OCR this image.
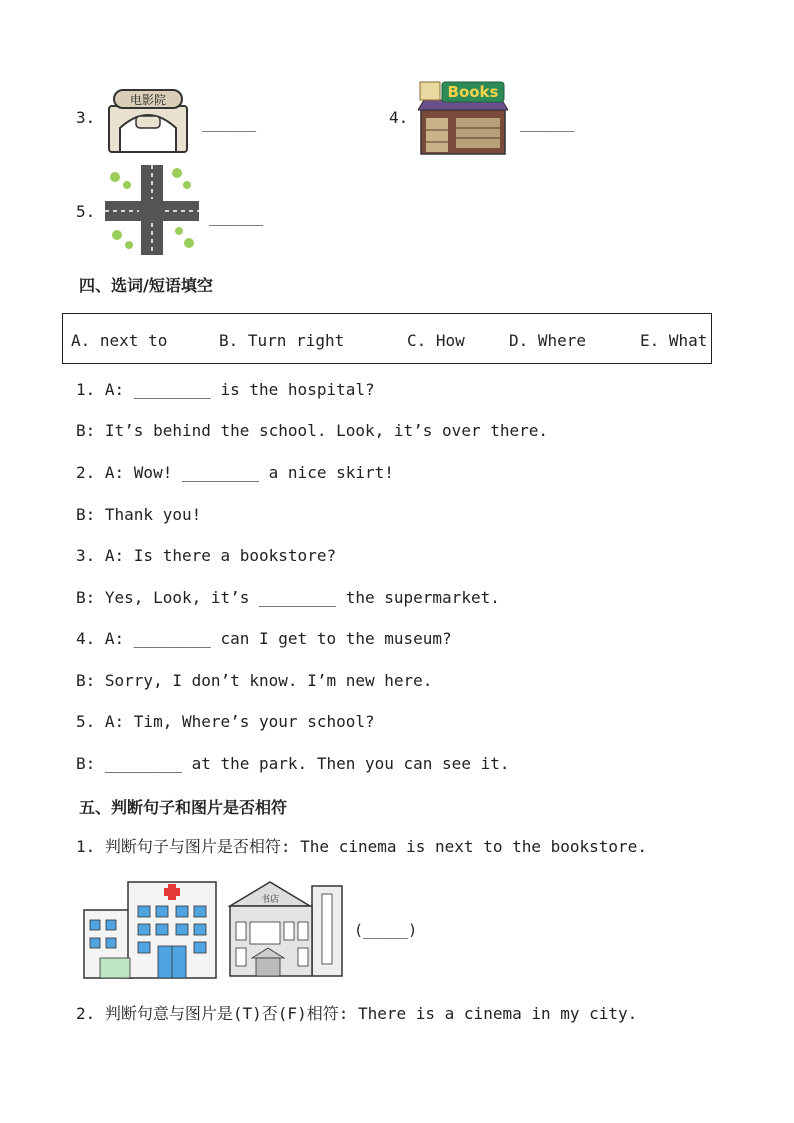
3.
电影院
______	4.
Books
______
5.	______
四、选词/短语填空
A. next to	B. Turn right	C. How	D. Where	E. What
1. A: ________ is the hospital?
B: It’s behind the school. Look, it’s over there.
2. A: Wow! ________ a nice skirt!
B: Thank you!
3. A: Is there a bookstore?
B: Yes, Look, it’s ________ the supermarket.
4. A: ________ can I get to the museum?
B: Sorry, I don’t know. I’m new here.
5. A: Tim, Where’s your school?
B: ________ at the park. Then you can see it.
五、判断句子和图片是否相符
1. 判断句子与图片是否相符: The cinema is next to the bookstore.
书店
(_____)
2. 判断句意与图片是(T)否(F)相符: There is a cinema in my city.
